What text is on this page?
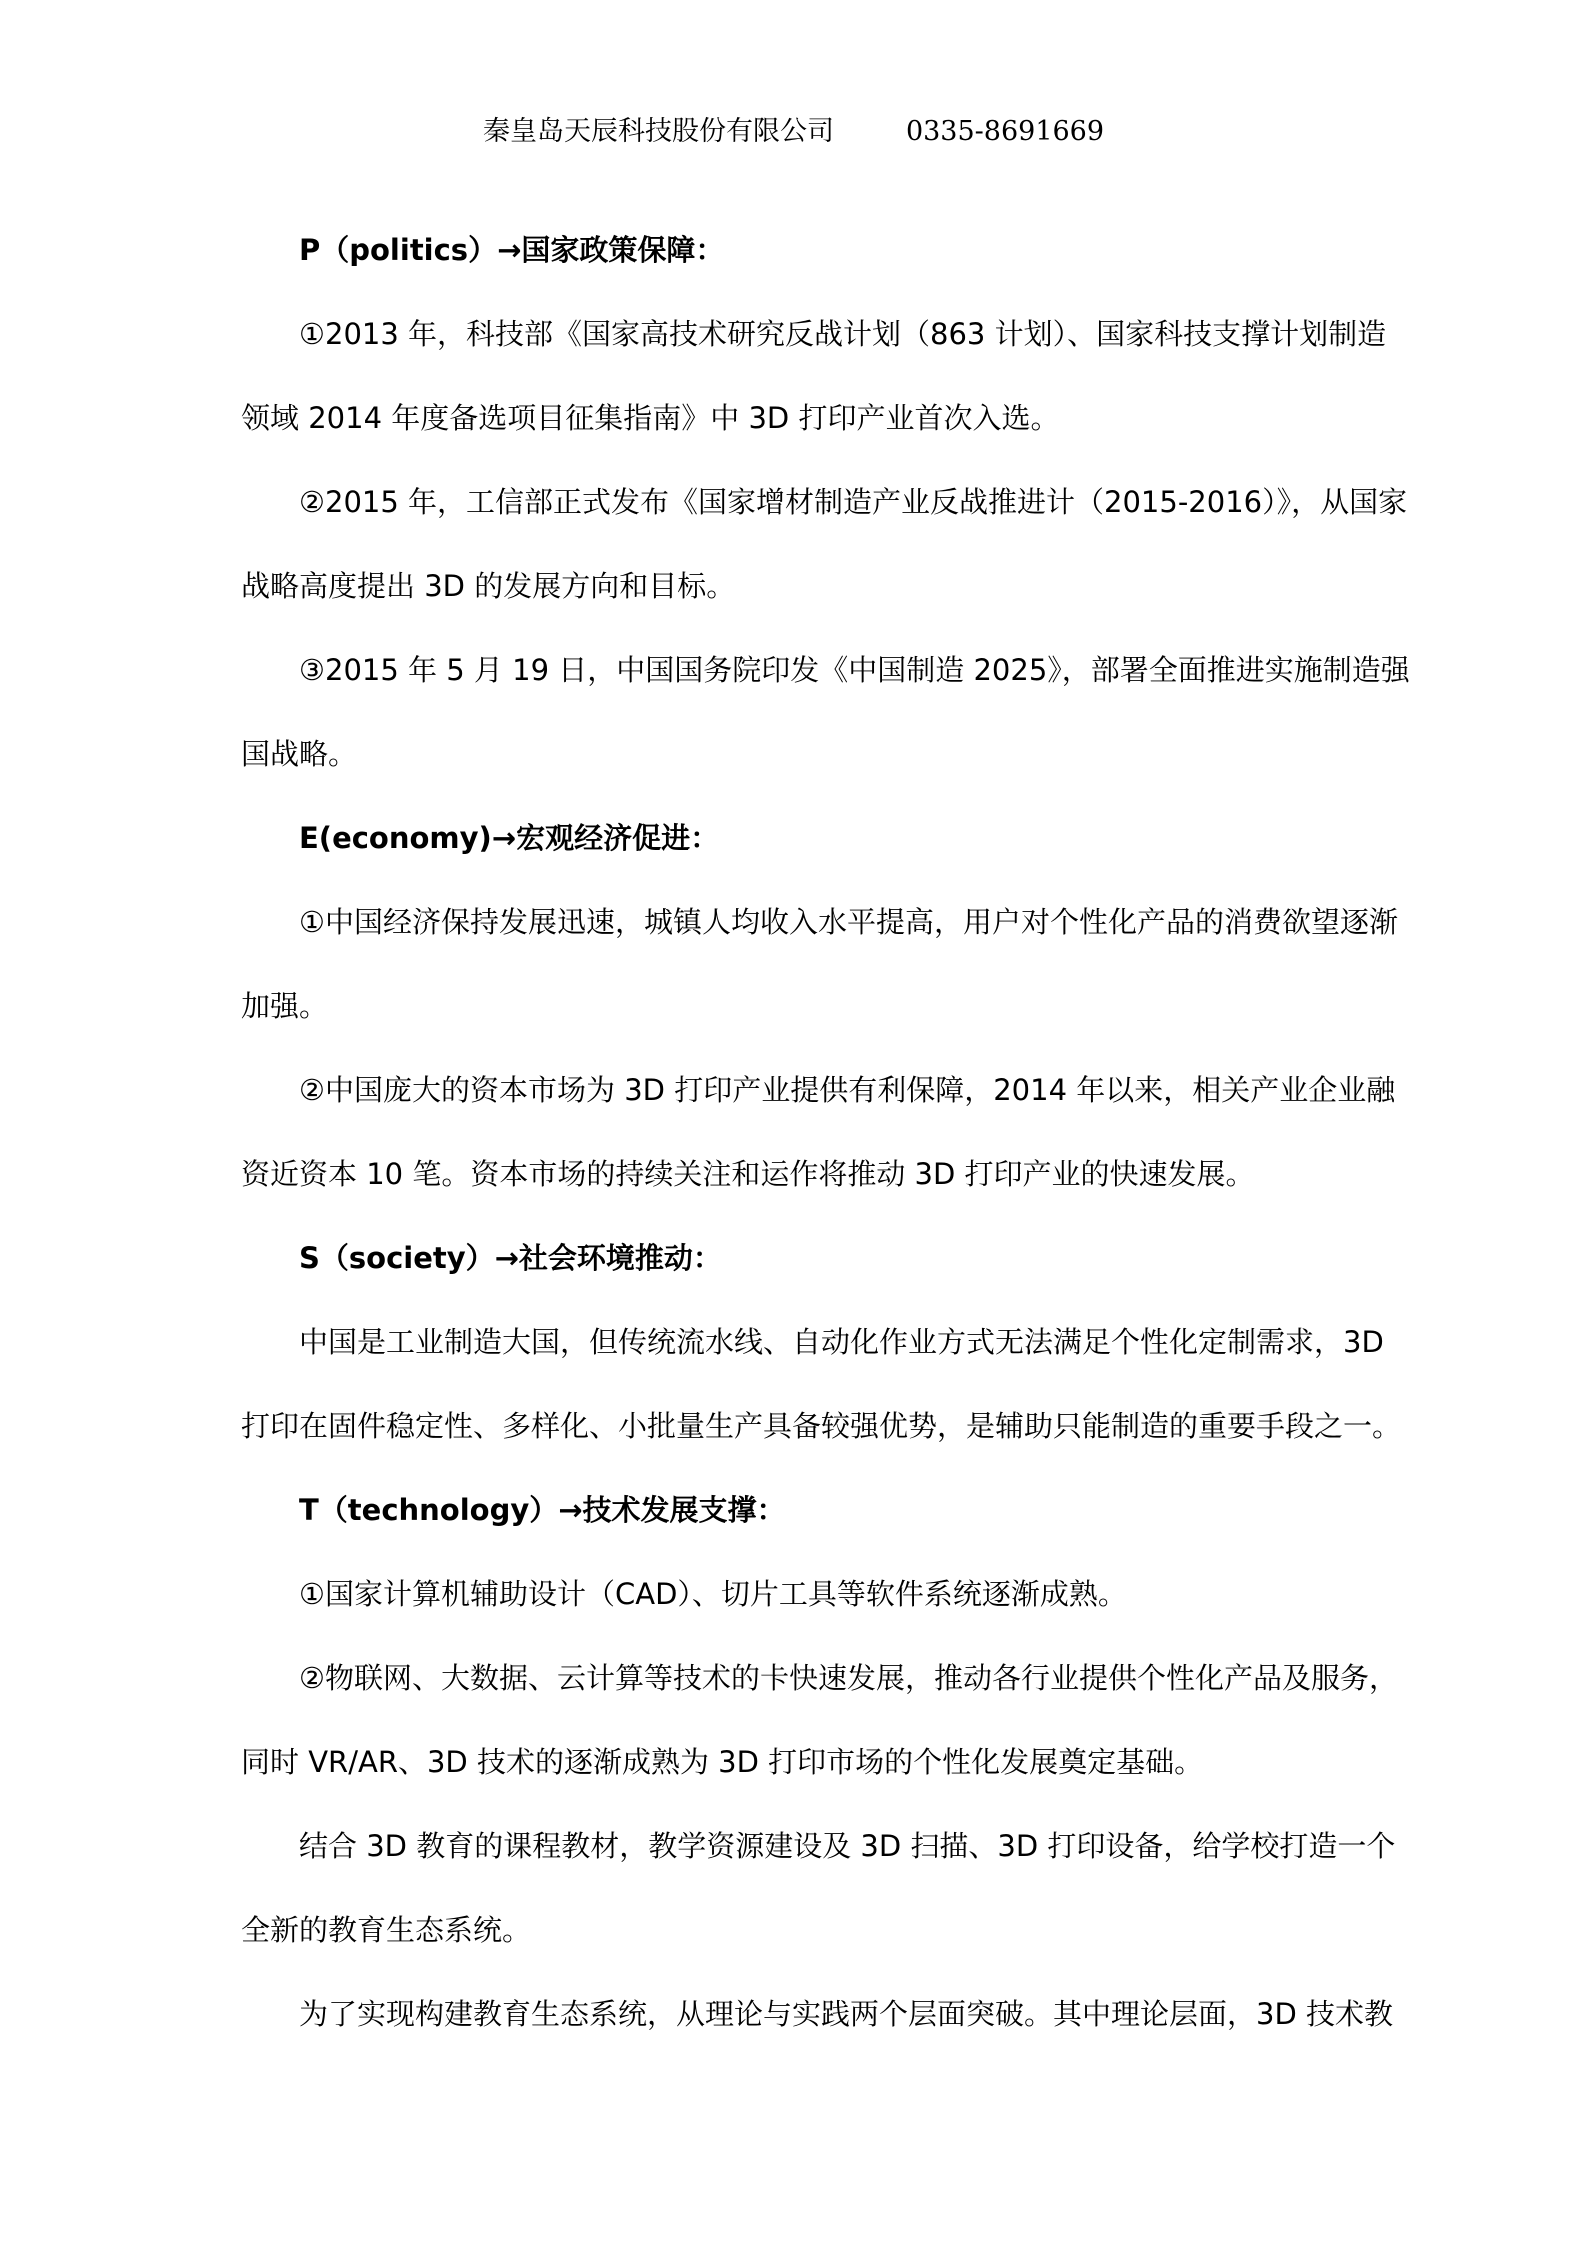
秦皇岛天辰科技股份有限公司	0335-8691669

P（politics）→国家政策保障：

①2013 年，科技部《国家高技术研究反战计划（863 计划）、国家科技支撑计划制造

领域 2014 年度备选项目征集指南》中 3D 打印产业首次入选。

②2015 年，工信部正式发布《国家增材制造产业反战推进计（2015-2016）》，从国家

战略高度提出 3D 的发展方向和目标。

③2015 年 5 月 19 日，中国国务院印发《中国制造 2025》，部署全面推进实施制造强

国战略。

E(economy)→宏观经济促进：

①中国经济保持发展迅速，城镇人均收入水平提高，用户对个性化产品的消费欲望逐渐

加强。

②中国庞大的资本市场为 3D 打印产业提供有利保障，2014 年以来，相关产业企业融

资近资本 10 笔。资本市场的持续关注和运作将推动 3D 打印产业的快速发展。

S（society）→社会环境推动：

中国是工业制造大国，但传统流水线、自动化作业方式无法满足个性化定制需求，3D

打印在固件稳定性、多样化、小批量生产具备较强优势，是辅助只能制造的重要手段之一。

T（technology）→技术发展支撑：

①国家计算机辅助设计（CAD）、切片工具等软件系统逐渐成熟。

②物联网、大数据、云计算等技术的卡快速发展，推动各行业提供个性化产品及服务，

同时 VR/AR、3D 技术的逐渐成熟为 3D 打印市场的个性化发展奠定基础。

结合 3D 教育的课程教材，教学资源建设及 3D 扫描、3D 打印设备，给学校打造一个

全新的教育生态系统。

为了实现构建教育生态系统，从理论与实践两个层面突破。其中理论层面，3D 技术教
